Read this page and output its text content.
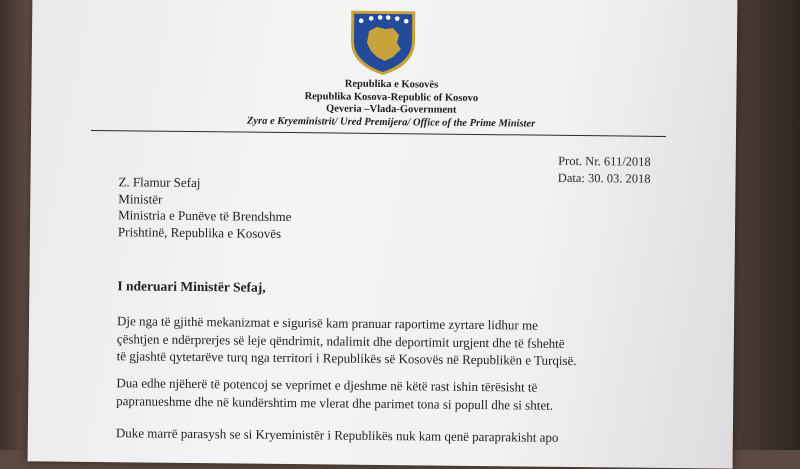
Republika e Kosovës
Republika Kosova-Republic of Kosovo
Qeveria –Vlada-Government
Zyra e Kryeministrit/ Ured Premijera/ Office of the Prime Minister
Prot. Nr. 611/2018
Data: 30. 03. 2018
Z. Flamur Sefaj
Ministër
Ministria e Punëve të Brendshme
Prishtinë, Republika e Kosovës
I nderuari Ministër Sefaj,
Dje nga të gjithë mekanizmat e sigurisë kam pranuar raportime zyrtare lidhur me
çështjen e ndërprerjes së leje qëndrimit, ndalimit dhe deportimit urgjent dhe të fshehtë
të gjashtë qytetarëve turq nga territori i Republikës së Kosovës në Republikën e Turqisë.
Dua edhe njëherë të potencoj se veprimet e djeshme në këtë rast ishin tërësisht të
papranueshme dhe në kundërshtim me vlerat dhe parimet tona si popull dhe si shtet.
Duke marrë parasysh se si Kryeministër i Republikës nuk kam qenë paraprakisht apo
